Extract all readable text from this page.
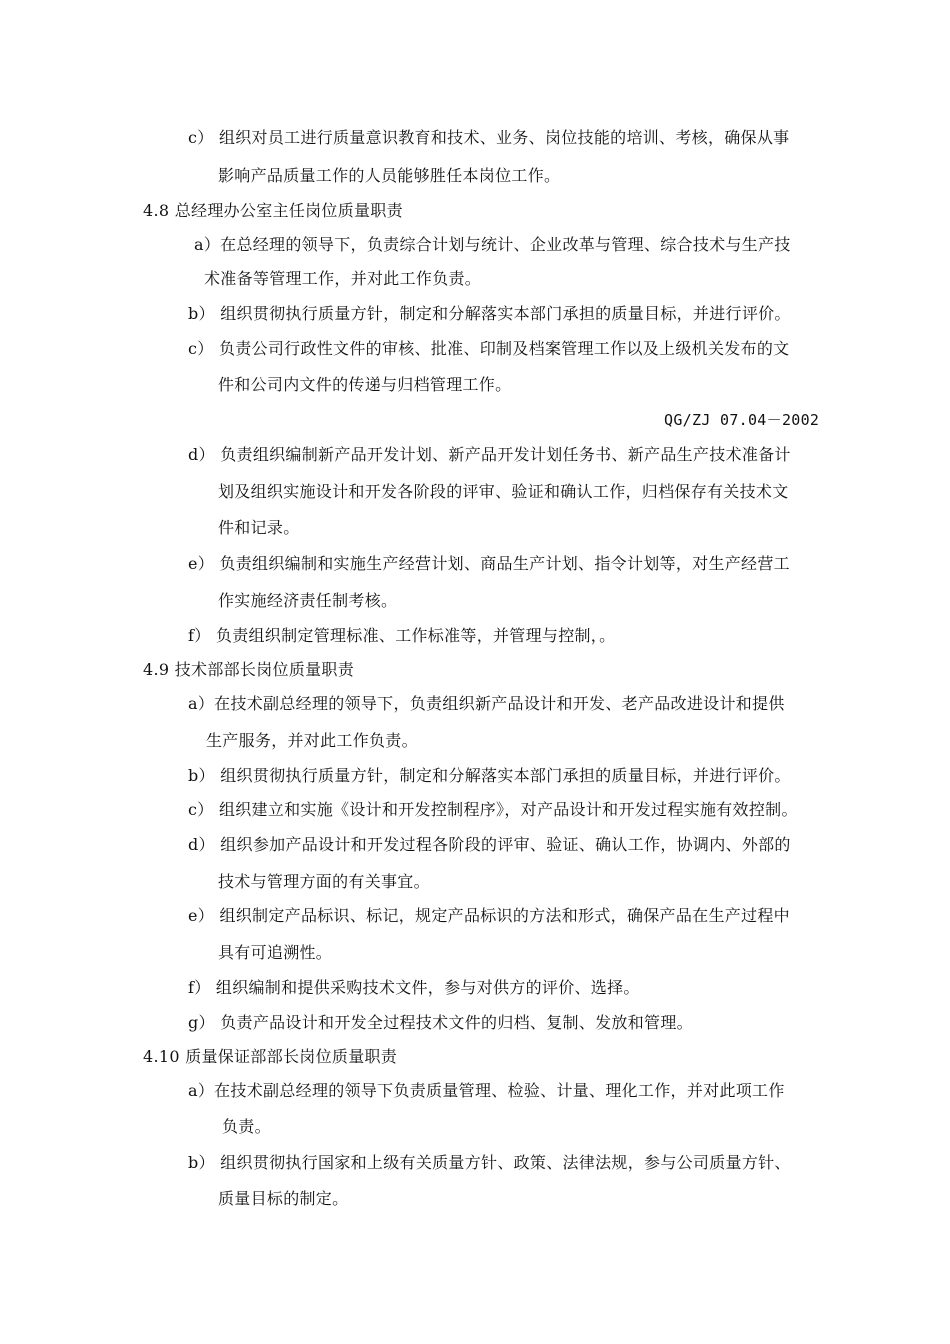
c） 组织对员工进行质量意识教育和技术、业务、岗位技能的培训、考核，确保从事
影响产品质量工作的人员能够胜任本岗位工作。
4.8 总经理办公室主任岗位质量职责
a）在总经理的领导下，负责综合计划与统计、企业改革与管理、综合技术与生产技
术准备等管理工作，并对此工作负责。
b） 组织贯彻执行质量方针，制定和分解落实本部门承担的质量目标，并进行评价。
c） 负责公司行政性文件的审核、批准、印制及档案管理工作以及上级机关发布的文
件和公司内文件的传递与归档管理工作。
QG/ZJ 07.04－2002
d） 负责组织编制新产品开发计划、新产品开发计划任务书、新产品生产技术准备计
划及组织实施设计和开发各阶段的评审、验证和确认工作，归档保存有关技术文
件和记录。
e） 负责组织编制和实施生产经营计划、商品生产计划、指令计划等，对生产经营工
作实施经济责任制考核。
f） 负责组织制定管理标准、工作标准等，并管理与控制，。
4.9 技术部部长岗位质量职责
a）在技术副总经理的领导下，负责组织新产品设计和开发、老产品改进设计和提供
生产服务，并对此工作负责。
b） 组织贯彻执行质量方针，制定和分解落实本部门承担的质量目标，并进行评价。
c） 组织建立和实施《设计和开发控制程序》，对产品设计和开发过程实施有效控制。
d） 组织参加产品设计和开发过程各阶段的评审、验证、确认工作，协调内、外部的
技术与管理方面的有关事宜。
e） 组织制定产品标识、标记，规定产品标识的方法和形式，确保产品在生产过程中
具有可追溯性。
f） 组织编制和提供采购技术文件，参与对供方的评价、选择。
g） 负责产品设计和开发全过程技术文件的归档、复制、发放和管理。
4.10 质量保证部部长岗位质量职责
a）在技术副总经理的领导下负责质量管理、检验、计量、理化工作，并对此项工作
负责。
b） 组织贯彻执行国家和上级有关质量方针、政策、法律法规，参与公司质量方针、
质量目标的制定。
